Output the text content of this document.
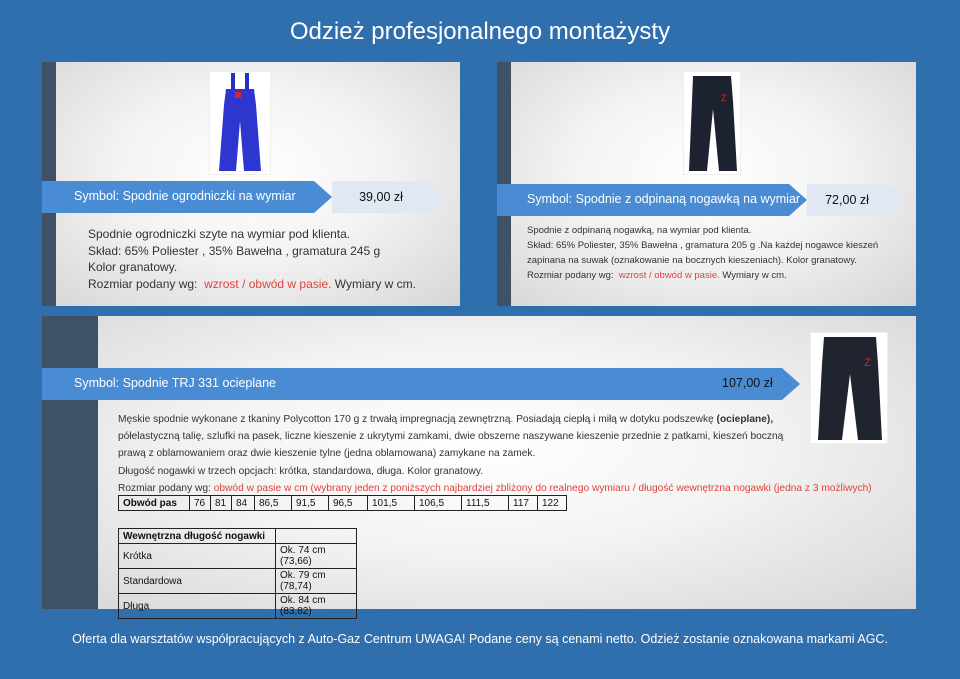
Odzież profesjonalnego montażysty
Symbol: Spodnie ogrodniczki na wymiar	39,00 zł
Spodnie ogrodniczki szyte na wymiar pod klienta.
Skład: 65% Poliester , 35% Bawełna , gramatura 245 g
Kolor granatowy.
Rozmiar podany wg: wzrost / obwód w pasie. Wymiary w cm.
Z
Symbol: Spodnie z odpinaną nogawką na wymiar	72,00 zł
Spodnie z odpinaną nogawką, na wymiar pod klienta.
Skład: 65% Poliester, 35% Bawełna , gramatura 205 g .Na każdej nogawce kieszeń
zapinana na suwak (oznakowanie na bocznych kieszeniach). Kolor granatowy.
Rozmiar podany wg: wzrost / obwód w pasie. Wymiary w cm.
Z
Symbol: Spodnie TRJ 331 ocieplane	107,00 zł
Męskie spodnie wykonane z tkaniny Polycotton 170 g z trwałą impregnacją zewnętrzną. Posiadają ciepłą i miłą w dotyku podszewkę (ocieplane),
półelastyczną talię, szlufki na pasek, liczne kieszenie z ukrytymi zamkami, dwie obszerne naszywane kieszenie przednie z patkami, kieszeń boczną
prawą z oblamowaniem oraz dwie kieszenie tylne (jedna oblamowana) zamykane na zamek.
Długość nogawki w trzech opcjach: krótka, standardowa, długa. Kolor granatowy.
Rozmiar podany wg: obwód w pasie w cm (wybrany jeden z poniższych najbardziej zbliżony do realnego wymiaru / długość wewnętrzna nogawki (jedna z 3 możliwych)
Obwód pas	76	81	84	86,5	91,5	96,5	101,5	106,5	111,5	117	122
Wewnętrzna długość nogawki	
Krótka	Ok. 74 cm (73,66)
Standardowa	Ok. 79 cm (78,74)
Długa	Ok. 84 cm (83,82)
Oferta dla warsztatów współpracujących z Auto-Gaz Centrum UWAGA! Podane ceny są cenami netto. Odzież zostanie oznakowana markami AGC.
